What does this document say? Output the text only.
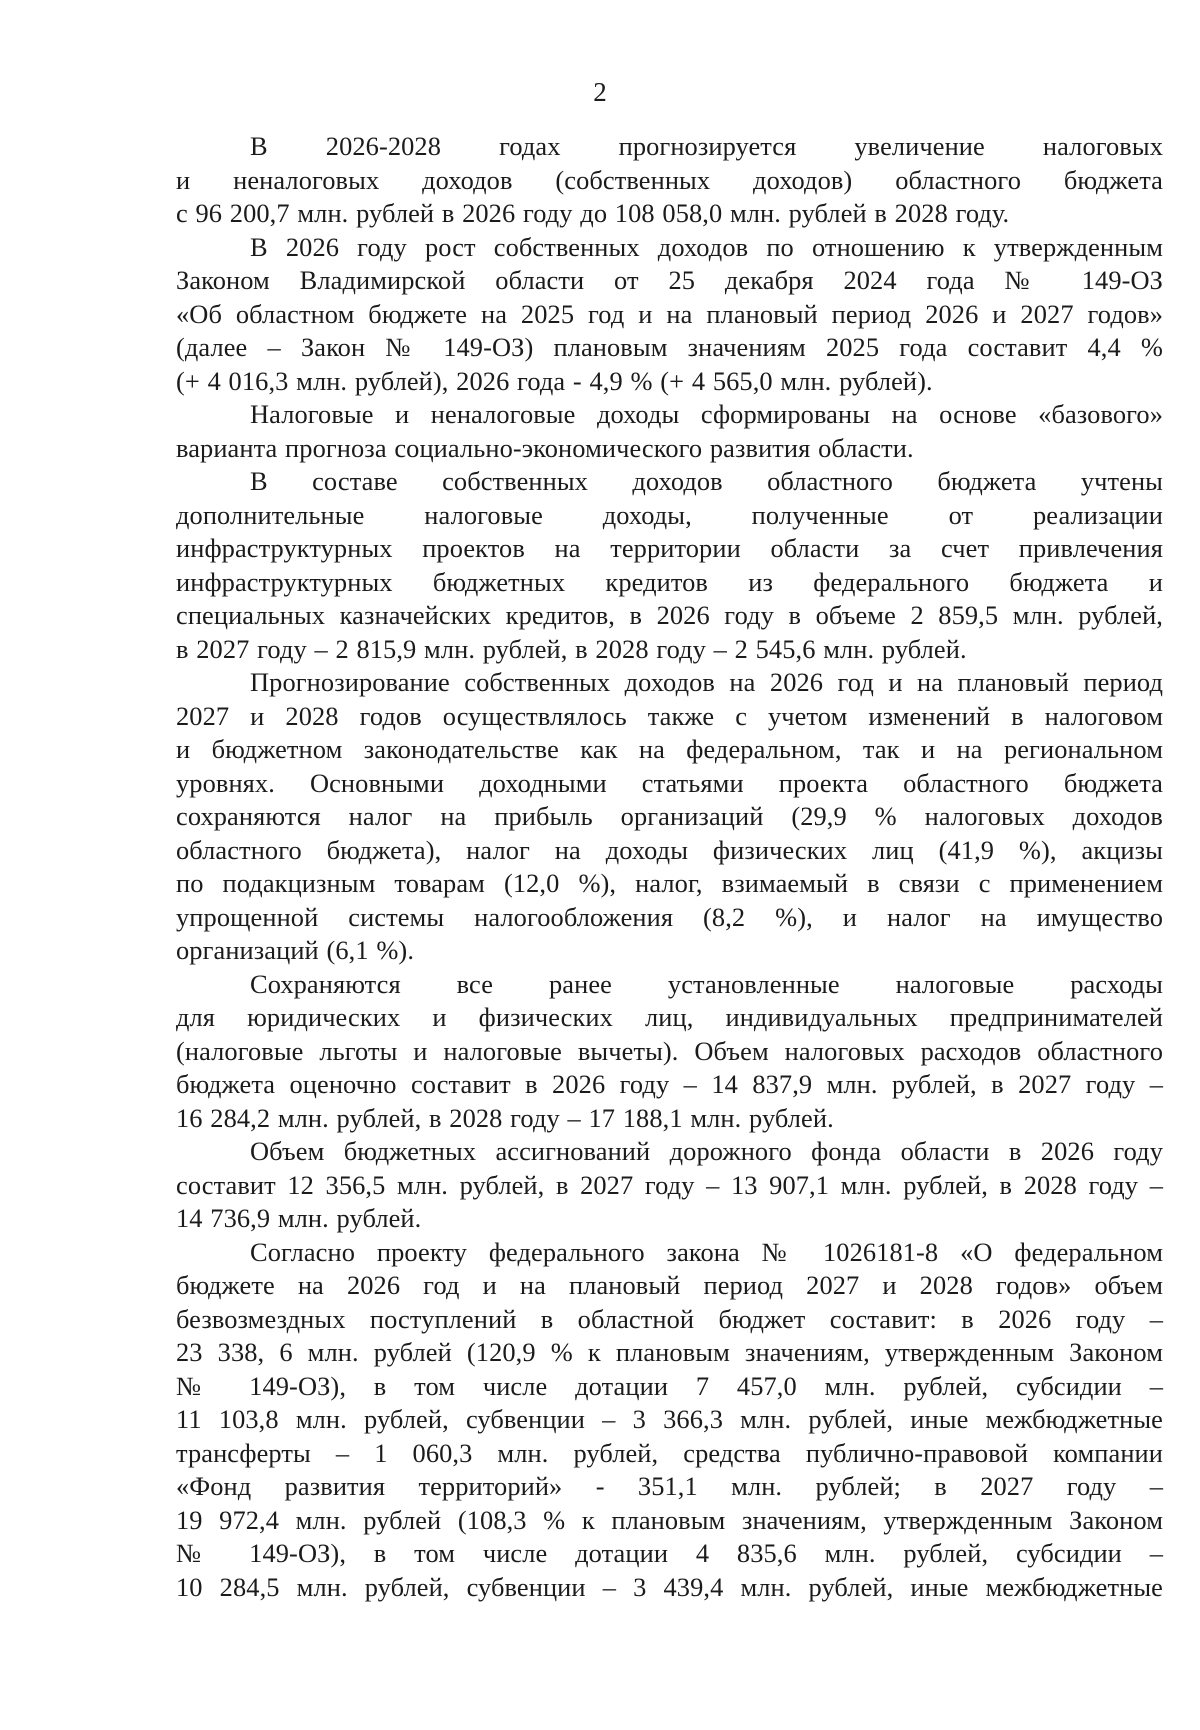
2

В 2026-2028 годах прогнозируется увеличение налоговых
и неналоговых доходов (собственных доходов) областного бюджета
с 96 200,7 млн. рублей в 2026 году до 108 058,0 млн. рублей в 2028 году.

В 2026 году рост собственных доходов по отношению к утвержденным
Законом Владимирской области от 25 декабря 2024 года № 149-ОЗ
«Об областном бюджете на 2025 год и на плановый период 2026 и 2027 годов»
(далее – Закон № 149-ОЗ) плановым значениям 2025 года составит 4,4 %
(+ 4 016,3 млн. рублей), 2026 года - 4,9 % (+ 4 565,0 млн. рублей).

Налоговые и неналоговые доходы сформированы на основе «базового»
варианта прогноза социально-экономического развития области.

В составе собственных доходов областного бюджета учтены
дополнительные налоговые доходы, полученные от реализации
инфраструктурных проектов на территории области за счет привлечения
инфраструктурных бюджетных кредитов из федерального бюджета и
специальных казначейских кредитов, в 2026 году в объеме 2 859,5 млн. рублей,
в 2027 году – 2 815,9 млн. рублей, в 2028 году – 2 545,6 млн. рублей.

Прогнозирование собственных доходов на 2026 год и на плановый период
2027 и 2028 годов осуществлялось также с учетом изменений в налоговом
и бюджетном законодательстве как на федеральном, так и на региональном
уровнях. Основными доходными статьями проекта областного бюджета
сохраняются налог на прибыль организаций (29,9 % налоговых доходов
областного бюджета), налог на доходы физических лиц (41,9 %), акцизы
по подакцизным товарам (12,0 %), налог, взимаемый в связи с применением
упрощенной системы налогообложения (8,2 %), и налог на имущество
организаций (6,1 %).

Сохраняются все ранее установленные налоговые расходы
для юридических и физических лиц, индивидуальных предпринимателей
(налоговые льготы и налоговые вычеты). Объем налоговых расходов областного
бюджета оценочно составит в 2026 году – 14 837,9 млн. рублей, в 2027 году –
16 284,2 млн. рублей, в 2028 году – 17 188,1 млн. рублей.

Объем бюджетных ассигнований дорожного фонда области в 2026 году
составит 12 356,5 млн. рублей, в 2027 году – 13 907,1 млн. рублей, в 2028 году –
14 736,9 млн. рублей.

Согласно проекту федерального закона № 1026181-8 «О федеральном
бюджете на 2026 год и на плановый период 2027 и 2028 годов» объем
безвозмездных поступлений в областной бюджет составит: в 2026 году –
23 338, 6 млн. рублей (120,9 % к плановым значениям, утвержденным Законом
№ 149-ОЗ), в том числе дотации 7 457,0 млн. рублей, субсидии –
11 103,8 млн. рублей, субвенции – 3 366,3 млн. рублей, иные межбюджетные
трансферты – 1 060,3 млн. рублей, средства публично-правовой компании
«Фонд развития территорий» - 351,1 млн. рублей; в 2027 году –
19 972,4 млн. рублей (108,3 % к плановым значениям, утвержденным Законом
№ 149-ОЗ), в том числе дотации 4 835,6 млн. рублей, субсидии –
10 284,5 млн. рублей, субвенции – 3 439,4 млн. рублей, иные межбюджетные
